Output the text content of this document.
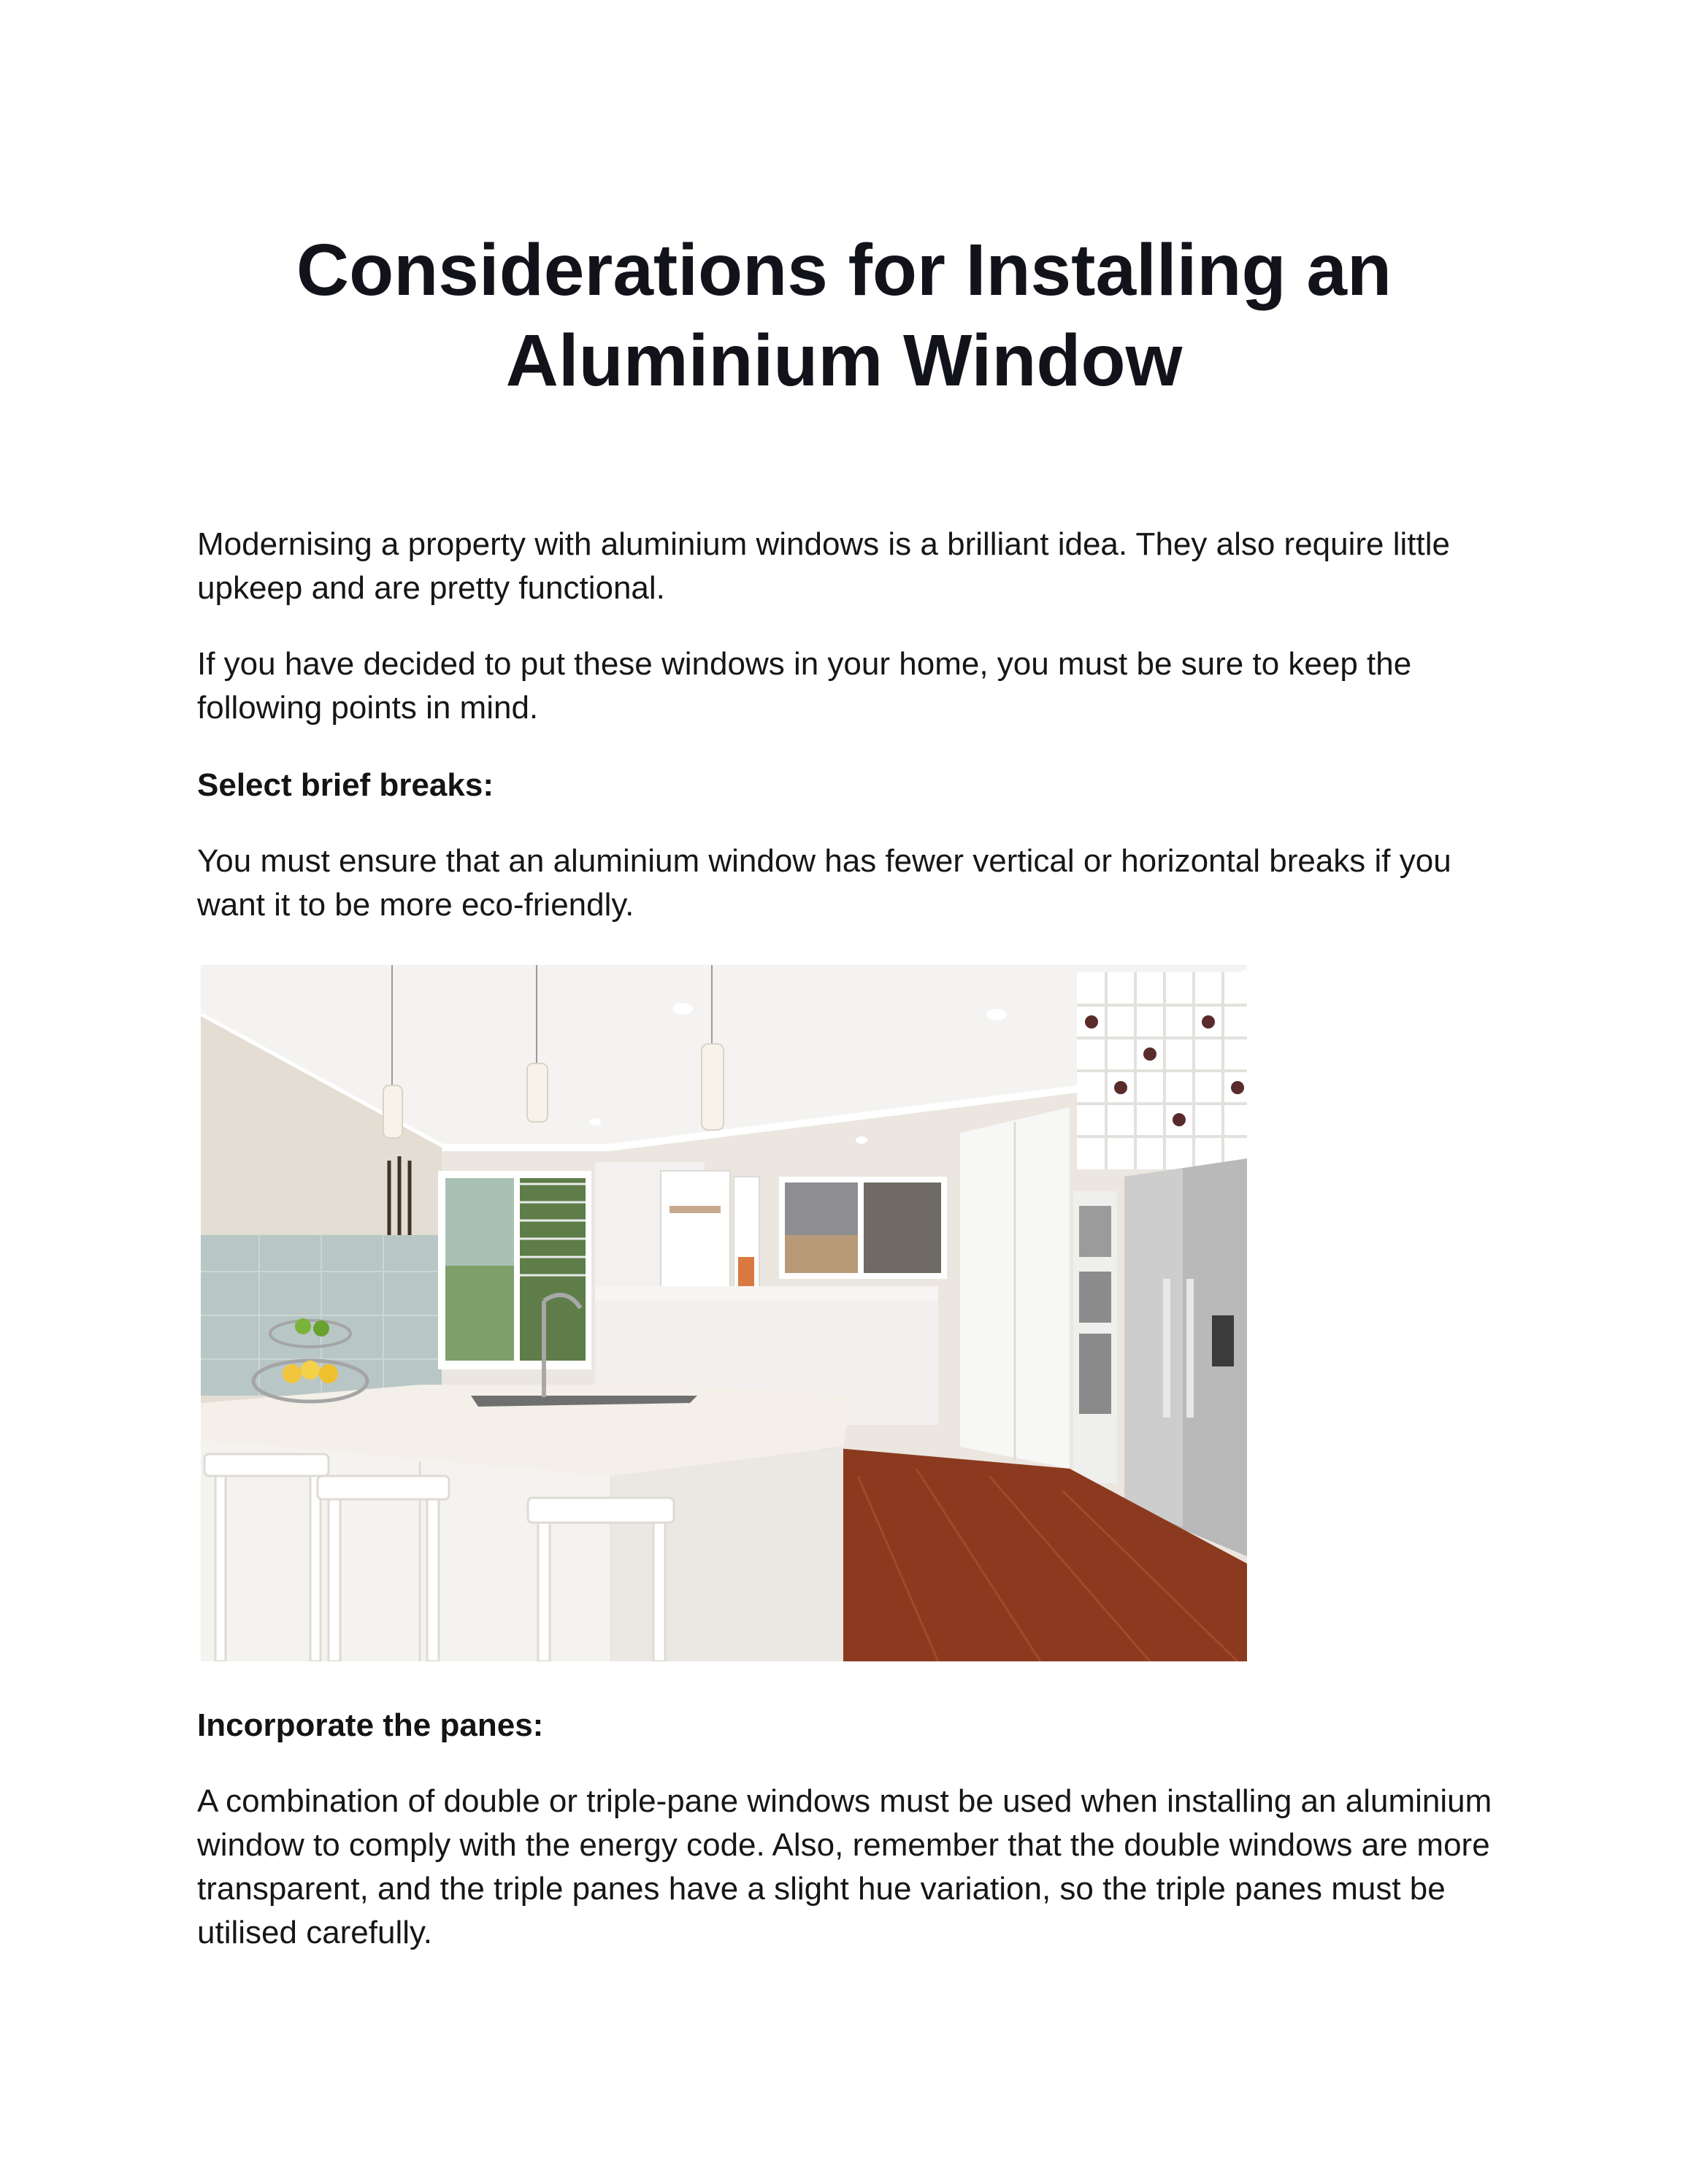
Considerations for Installing an Aluminium Window

Modernising a property with aluminium windows is a brilliant idea. They also require little upkeep and are pretty functional.

If you have decided to put these windows in your home, you must be sure to keep the following points in mind.

Select brief breaks:

You must ensure that an aluminium window has fewer vertical or horizontal breaks if you want it to be more eco-friendly.

Incorporate the panes:

A combination of double or triple-pane windows must be used when installing an aluminium window to comply with the energy code. Also, remember that the double windows are more transparent, and the triple panes have a slight hue variation, so the triple panes must be utilised carefully.
